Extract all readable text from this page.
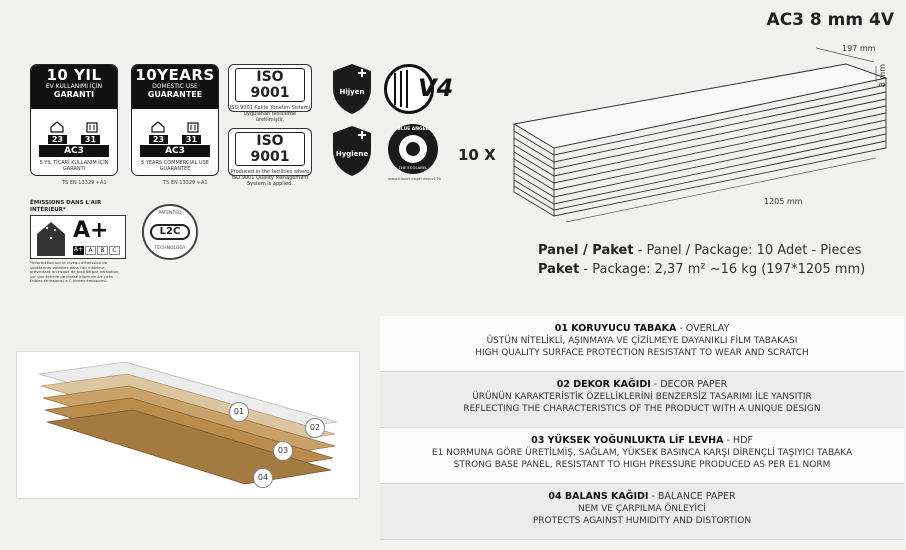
AC3 8 mm 4V
10 YIL
EV KULLANIMI İÇİN
GARANTI
23	31
AC3
5 YIL TİCARİ KULLANIM İÇİN GARANTI
TS EN 13329 +A1
10YEARS
DOMESTIC USE
GUARANTEE
23	31
AC3
5 YEARS COMMERCIAL USE GUARANTEE
TS EN 13329 +A1
ISO 9001
ISO 9001 Kalite Yönetim Sistemi uygulanan tesislerde üretilmiştir.
ISO 9001
Produced in the facilities where ISO 9001 Quality Management System is applied.
Hijyen
Hygiene
V4
BLUE ANGEL
THE ECOLABEL
www.blauer-engel.de/uz176
ÉMISSIONS DANS L'AIR INTÉRIEUR*
A+
A+ A	B	C
*Information sur le niveau d'émission de substances volatiles dans l'air intérieur, présentant un risque de toxicité par inhalation, sur une échelle de classe allant de A+ (très faibles émissions) à C (fortes émissions).
PATENTED
L2C
TECHNOLOGY
10 X
197 mm
8 mm
1205 mm
Panel / Paket - Panel / Package: 10 Adet - Pieces
Paket - Package: 2,37 m² ~16 kg (197*1205 mm)
01
02
03
04
01 KORUYUCU TABAKA - OVERLAY
ÜSTÜN NİTELİKLİ, AŞINMAYA VE ÇİZİLMEYE DAYANIKLI FİLM TABAKASI
HIGH QUALITY SURFACE PROTECTION RESISTANT TO WEAR AND SCRATCH
02 DEKOR KAĞIDI - DECOR PAPER
ÜRÜNÜN KARAKTERİSTİK ÖZELLİKLERİNİ BENZERSİZ TASARIMI İLE YANSITIR
REFLECTING THE CHARACTERISTICS OF THE PRODUCT WITH A UNIQUE DESIGN
03 YÜKSEK YOĞUNLUKTA LİF LEVHA - HDF
E1 NORMUNA GÖRE ÜRETİLMİŞ, SAĞLAM, YÜKSEK BASINCA KARŞI DİRENÇLİ TAŞIYICI TABAKA
STRONG BASE PANEL, RESISTANT TO HIGH PRESSURE PRODUCED AS PER E1 NORM
04 BALANS KAĞIDI - BALANCE PAPER
NEM VE ÇARPILMA ÖNLEYİCİ
PROTECTS AGAINST HUMIDITY AND DISTORTION
